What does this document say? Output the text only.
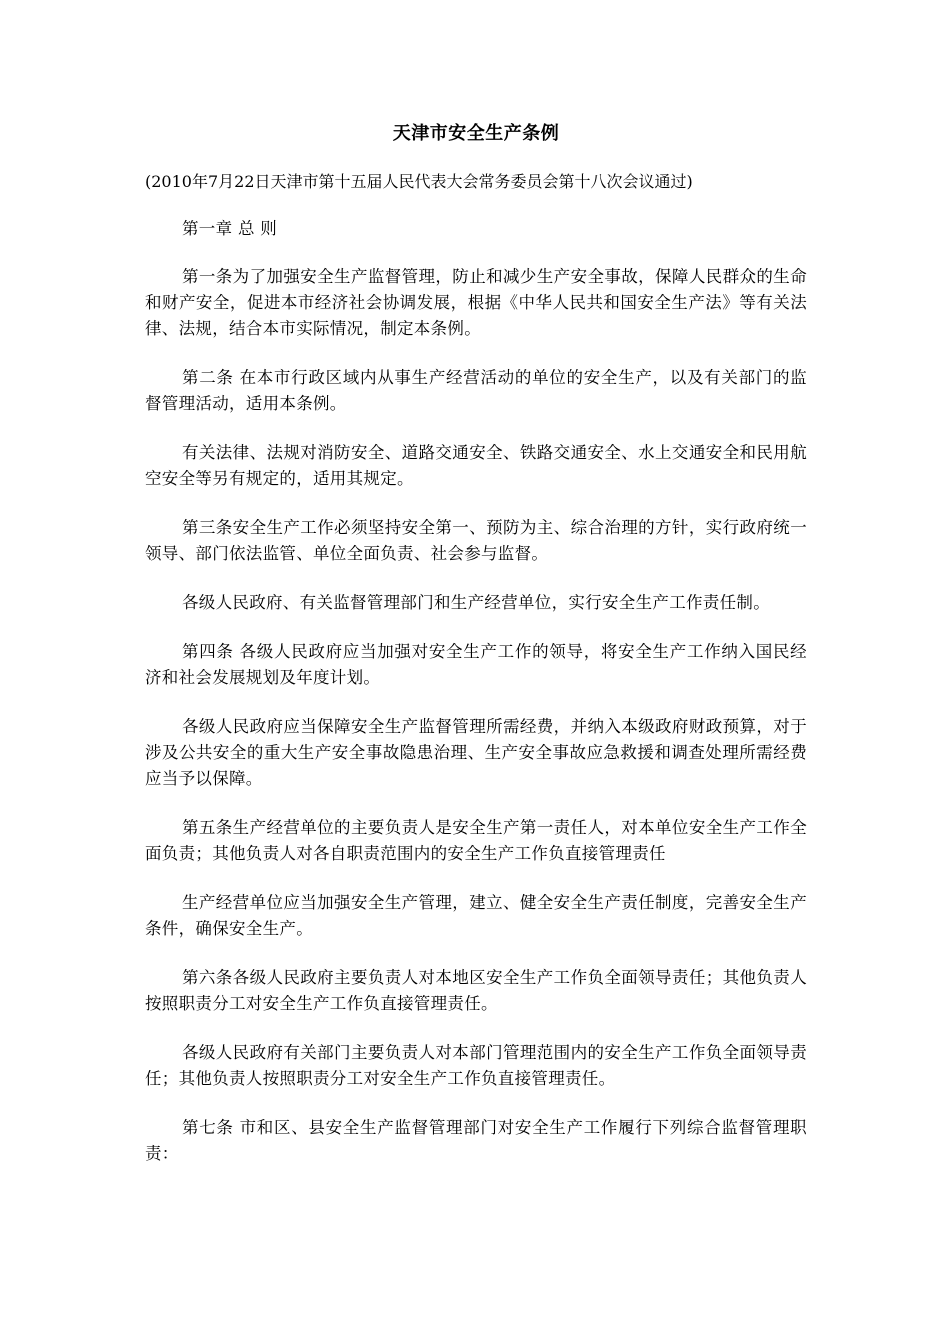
天津市安全生产条例
(2010年7月22日天津市第十五届人民代表大会常务委员会第十八次会议通过)
第一章 总 则

第一条为了加强安全生产监督管理，防止和减少生产安全事故，保障人民群众的生命和财产安全，促进本市经济社会协调发展，根据《中华人民共和国安全生产法》等有关法律、法规，结合本市实际情况，制定本条例。

第二条 在本市行政区域内从事生产经营活动的单位的安全生产，以及有关部门的监督管理活动，适用本条例。

有关法律、法规对消防安全、道路交通安全、铁路交通安全、水上交通安全和民用航空安全等另有规定的，适用其规定。

第三条安全生产工作必须坚持安全第一、预防为主、综合治理的方针，实行政府统一领导、部门依法监管、单位全面负责、社会参与监督。

各级人民政府、有关监督管理部门和生产经营单位，实行安全生产工作责任制。

第四条 各级人民政府应当加强对安全生产工作的领导，将安全生产工作纳入国民经济和社会发展规划及年度计划。

各级人民政府应当保障安全生产监督管理所需经费，并纳入本级政府财政预算，对于涉及公共安全的重大生产安全事故隐患治理、生产安全事故应急救援和调查处理所需经费应当予以保障。

第五条生产经营单位的主要负责人是安全生产第一责任人，对本单位安全生产工作全面负责；其他负责人对各自职责范围内的安全生产工作负直接管理责任

生产经营单位应当加强安全生产管理，建立、健全安全生产责任制度，完善安全生产条件，确保安全生产。

第六条各级人民政府主要负责人对本地区安全生产工作负全面领导责任；其他负责人按照职责分工对安全生产工作负直接管理责任。

各级人民政府有关部门主要负责人对本部门管理范围内的安全生产工作负全面领导责任；其他负责人按照职责分工对安全生产工作负直接管理责任。

第七条 市和区、县安全生产监督管理部门对安全生产工作履行下列综合监督管理职责：
